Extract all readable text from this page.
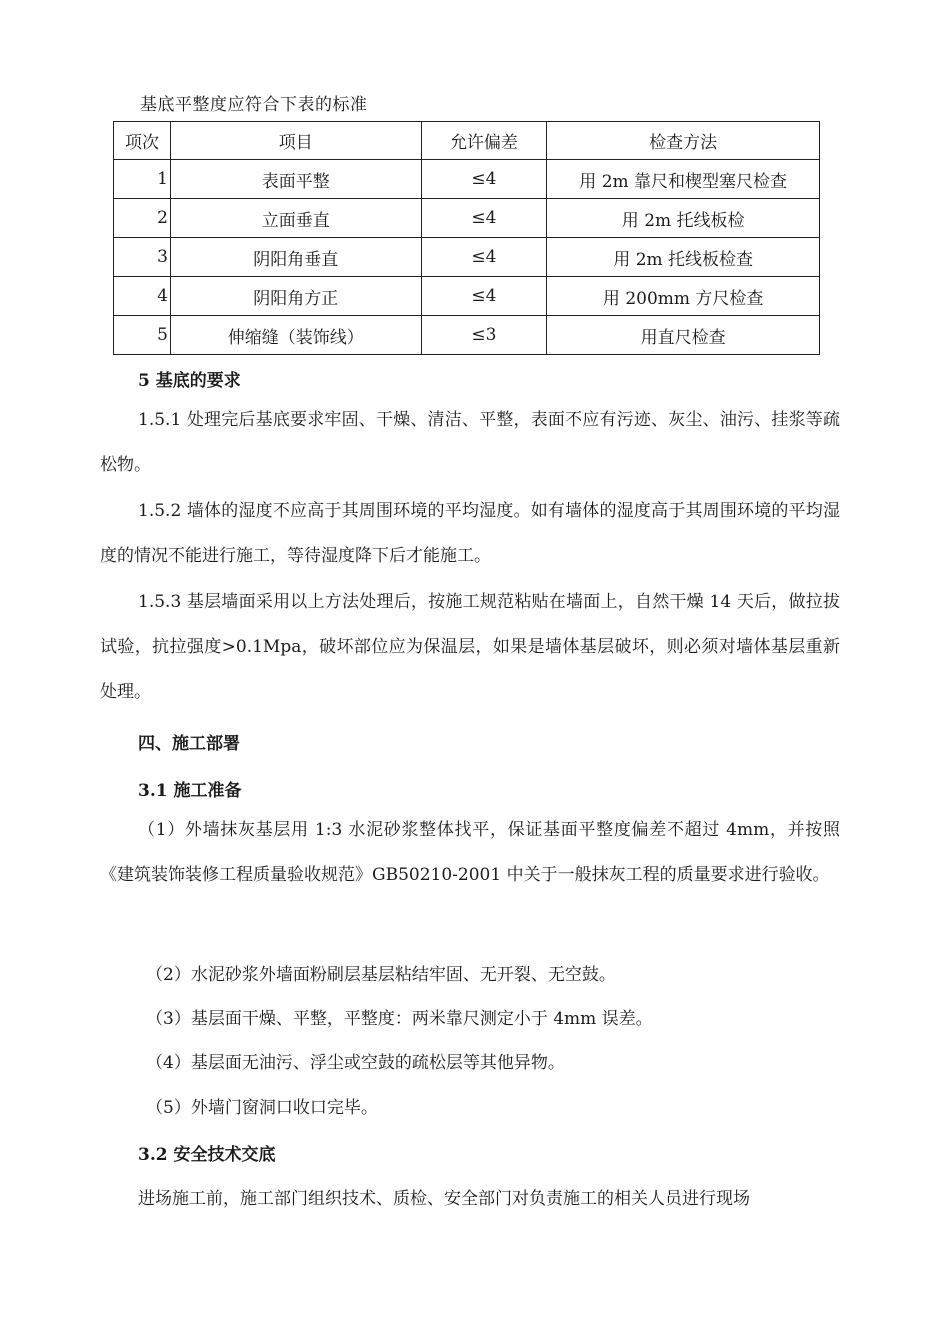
基底平整度应符合下表的标准
项次	项目	允许偏差	检查方法
1	表面平整	≤4	用 2m 靠尺和楔型塞尺检查
2	立面垂直	≤4	用 2m 托线板检
3	阴阳角垂直	≤4	用 2m 托线板检查
4	阴阳角方正	≤4	用 200mm 方尺检查
5	伸缩缝（装饰线）	≤3	用直尺检查
5 基底的要求
1.5.1 处理完后基底要求牢固、干燥、清洁、平整，表面不应有污迹、灰尘、油污、挂浆等疏松物。
1.5.2 墙体的湿度不应高于其周围环境的平均湿度。如有墙体的湿度高于其周围环境的平均湿度的情况不能进行施工，等待湿度降下后才能施工。
1.5.3 基层墙面采用以上方法处理后，按施工规范粘贴在墙面上，自然干燥 14 天后，做拉拔试验，抗拉强度>0.1Mpa，破坏部位应为保温层，如果是墙体基层破坏，则必须对墙体基层重新处理。
四、施工部署
3.1 施工准备
（1）外墙抹灰基层用 1:3 水泥砂浆整体找平，保证基面平整度偏差不超过 4mm，并按照《建筑装饰装修工程质量验收规范》GB50210-2001 中关于一般抹灰工程的质量要求进行验收。
（2）水泥砂浆外墙面粉刷层基层粘结牢固、无开裂、无空鼓。
（3）基层面干燥、平整，平整度：两米靠尺测定小于 4mm 误差。
（4）基层面无油污、浮尘或空鼓的疏松层等其他异物。
（5）外墙门窗洞口收口完毕。
3.2 安全技术交底
进场施工前，施工部门组织技术、质检、安全部门对负责施工的相关人员进行现场
